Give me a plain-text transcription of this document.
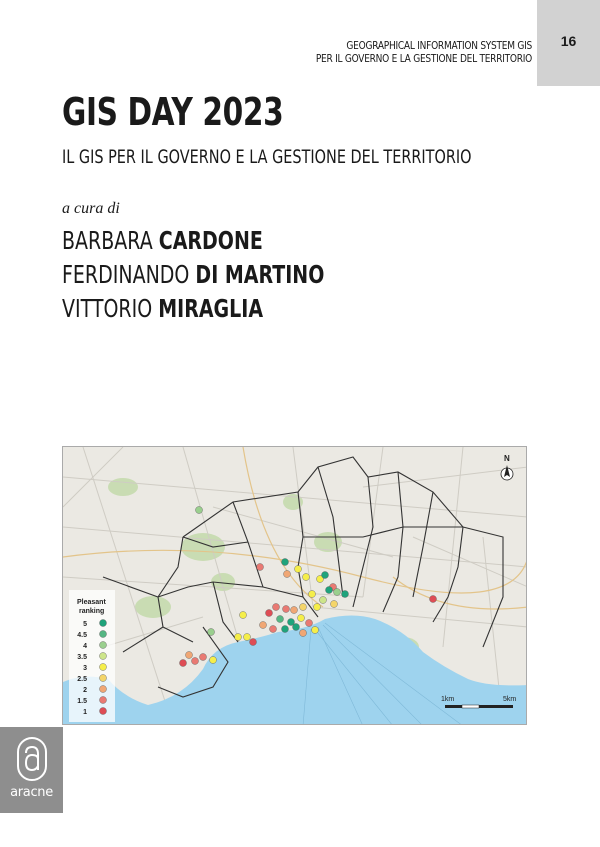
GEOGRAPHICAL INFORMATION SYSTEM GIS
PER IL GOVERNO E LA GESTIONE DEL TERRITORIO
16
GIS DAY 2023
IL GIS PER IL GOVERNO E LA GESTIONE DEL TERRITORIO
a cura di
BARBARA CARDONE
FERDINANDO DI MARTINO
VITTORIO MIRAGLIA
1km	5km
N
Pleasant
ranking
5
4.5
4
3.5
3
2.5
2
1.5
1
aracne
